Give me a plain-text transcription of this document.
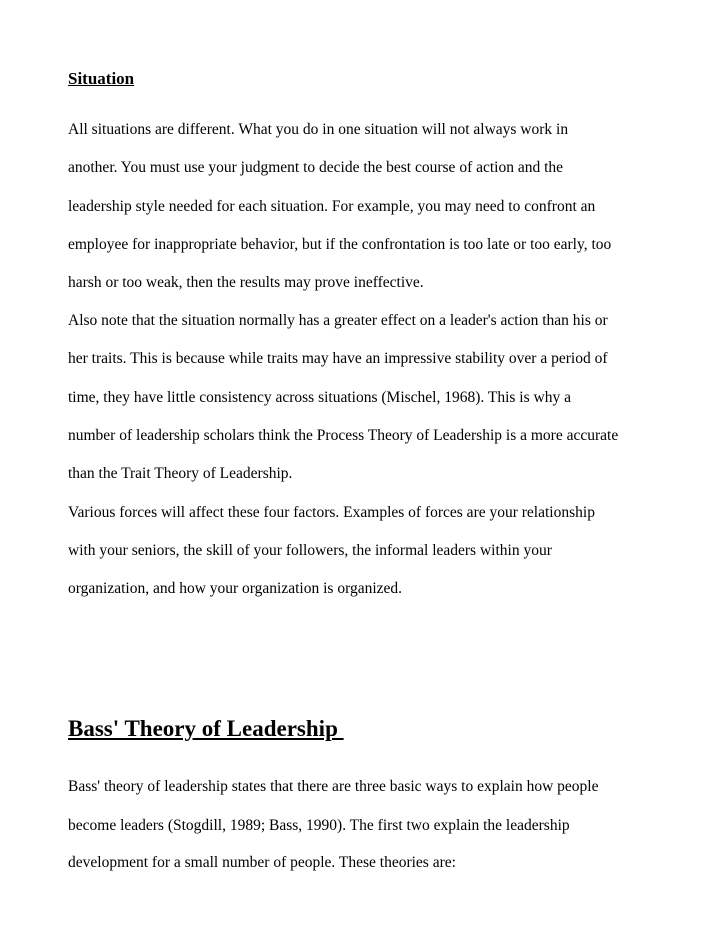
Situation

All situations are different. What you do in one situation will not always work in

another. You must use your judgment to decide the best course of action and the

leadership style needed for each situation. For example, you may need to confront an

employee for inappropriate behavior, but if the confrontation is too late or too early, too

harsh or too weak, then the results may prove ineffective.

Also note that the situation normally has a greater effect on a leader's action than his or

her traits. This is because while traits may have an impressive stability over a period of

time, they have little consistency across situations (Mischel, 1968). This is why a

number of leadership scholars think the Process Theory of Leadership is a more accurate

than the Trait Theory of Leadership.

Various forces will affect these four factors. Examples of forces are your relationship

with your seniors, the skill of your followers, the informal leaders within your

organization, and how your organization is organized.

Bass' Theory of Leadership

Bass' theory of leadership states that there are three basic ways to explain how people

become leaders (Stogdill, 1989; Bass, 1990). The first two explain the leadership

development for a small number of people. These theories are:
